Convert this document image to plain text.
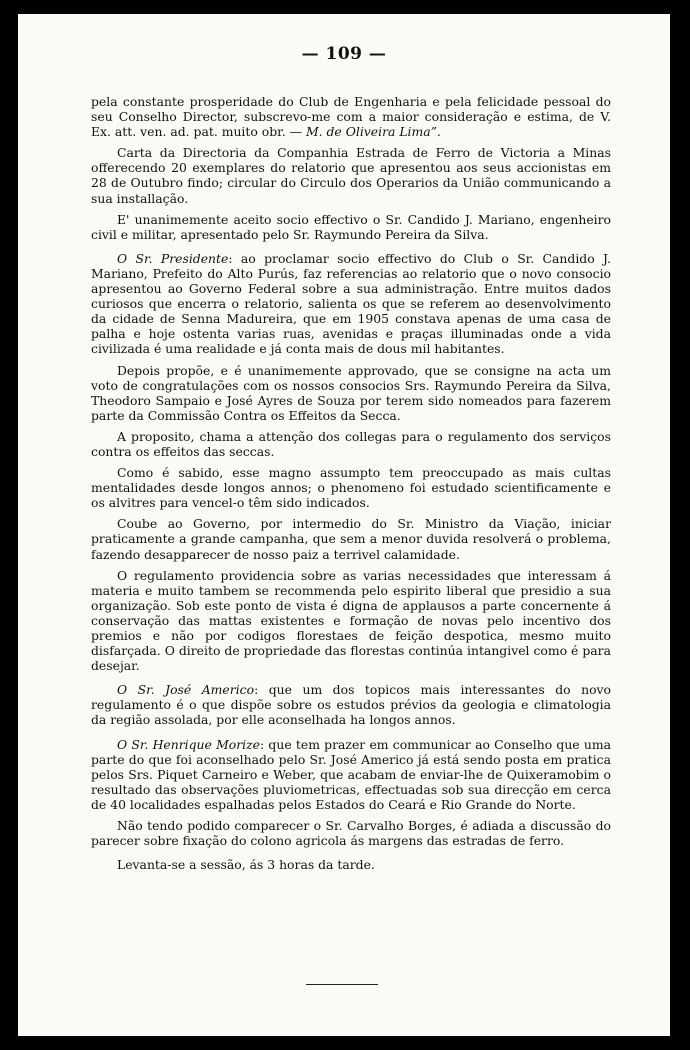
— 109 —

pela constante prosperidade do Club de Engenharia e pela felicidade pessoal do seu Conselho Director, subscrevo-me com a maior consideração e estima, de V. Ex. att. ven. ad. pat. muito obr. — M. de Oliveira Lima”.

Carta da Directoria da Companhia Estrada de Ferro de Victoria a Minas offerecendo 20 exemplares do relatorio que apresentou aos seus accionistas em 28 de Outubro findo; circular do Circulo dos Operarios da União communicando a sua installação.

E' unanimemente aceito socio effectivo o Sr. Candido J. Mariano, engenheiro civil e militar, apresentado pelo Sr. Raymundo Pereira da Silva.

O Sr. Presidente: ao proclamar socio effectivo do Club o Sr. Candido J. Mariano, Prefeito do Alto Purús, faz referencias ao relatorio que o novo consocio apresentou ao Governo Federal sobre a sua administração. Entre muitos dados curiosos que encerra o relatorio, salienta os que se referem ao desenvolvimento da cidade de Senna Madureira, que em 1905 constava apenas de uma casa de palha e hoje ostenta varias ruas, avenidas e praças illuminadas onde a vida civilizada é uma realidade e já conta mais de dous mil habitantes.

Depois propõe, e é unanimemente approvado, que se consigne na acta um voto de congratulações com os nossos consocios Srs. Raymundo Pereira da Silva, Theodoro Sampaio e José Ayres de Souza por terem sido nomeados para fazerem parte da Commissão Contra os Effeitos da Secca.

A proposito, chama a attenção dos collegas para o regulamento dos serviços contra os effeitos das seccas.

Como é sabido, esse magno assumpto tem preoccupado as mais cultas mentalidades desde longos annos; o phenomeno foi estudado scientificamente e os alvitres para vencel-o têm sido indicados.

Coube ao Governo, por intermedio do Sr. Ministro da Viação, iniciar praticamente a grande campanha, que sem a menor duvida resolverá o problema, fazendo desapparecer de nosso paiz a terrivel calamidade.

O regulamento providencia sobre as varias necessidades que interessam á materia e muito tambem se recommenda pelo espirito liberal que presidio a sua organização. Sob este ponto de vista é digna de applausos a parte concernente á conservação das mattas existentes e formação de novas pelo incentivo dos premios e não por codigos florestaes de feição despotica, mesmo muito disfarçada. O direito de propriedade das florestas continúa intangivel como é para desejar.

O Sr. José Americo: que um dos topicos mais interessantes do novo regulamento é o que dispõe sobre os estudos prévios da geologia e climatologia da região assolada, por elle aconselhada ha longos annos.

O Sr. Henrique Morize: que tem prazer em communicar ao Conselho que uma parte do que foi aconselhado pelo Sr. José Americo já está sendo posta em pratica pelos Srs. Piquet Carneiro e Weber, que acabam de enviar-lhe de Quixeramobim o resultado das observações pluviometricas, effectuadas sob sua direcção em cerca de 40 localidades espalhadas pelos Estados do Ceará e Rio Grande do Norte.

Não tendo podido comparecer o Sr. Carvalho Borges, é adiada a discussão do parecer sobre fixação do colono agricola ás margens das estradas de ferro.

Levanta-se a sessão, ás 3 horas da tarde.
